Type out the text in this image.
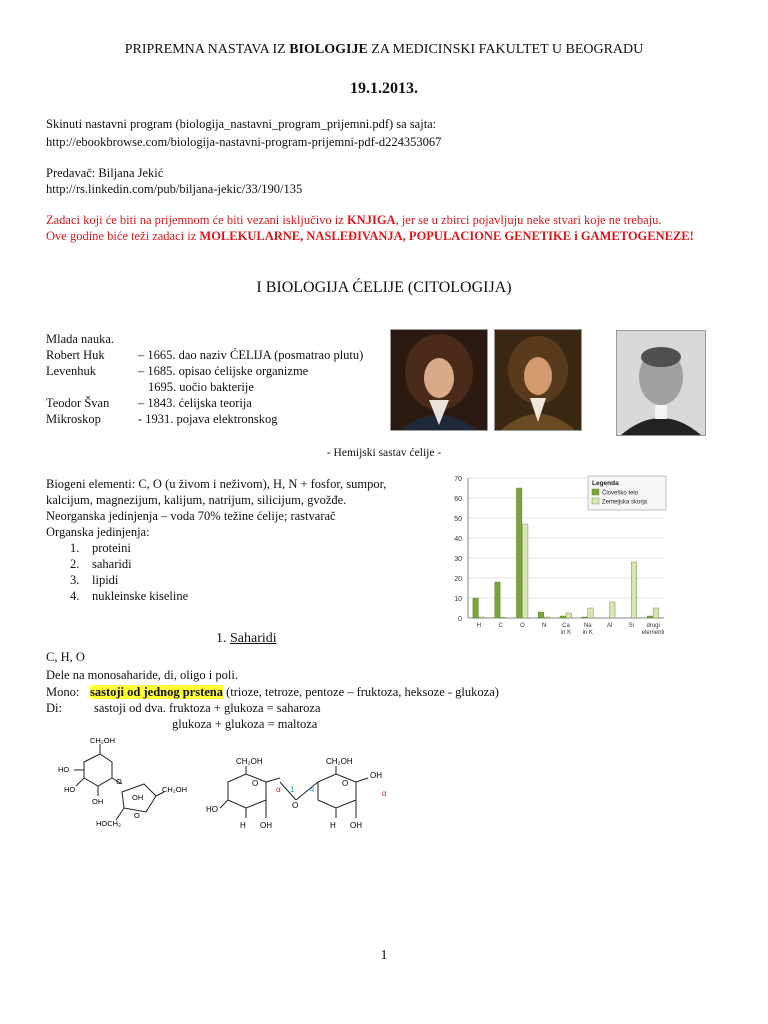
PRIPREMNA NASTAVA IZ BIOLOGIJE ZA MEDICINSKI FAKULTET U BEOGRADU
19.1.2013.
Skinuti nastavni program (biologija_nastavni_program_prijemni.pdf) sa sajta:
http://ebookbrowse.com/biologija-nastavni-program-prijemni-pdf-d224353067
Predavač: Biljana Jekić
http://rs.linkedin.com/pub/biljana-jekic/33/190/135
Zadaci koji će biti na prijemnom će biti vezani isključivo iz KNJIGA, jer se u zbirci pojavljuju neke stvari koje ne trebaju.
Ove godine biće teži zadaci iz MOLEKULARNE, NASLEĐIVANJA, POPULACIONE GENETIKE i GAMETOGENEZE!
I BIOLOGIJA ĆELIJE (CITOLOGIJA)
Mlada nauka.
Robert Huk	– 1665. dao naziv ĆELIJA (posmatrao plutu)
Levenhuk	– 1685. opisao ćelijske organizme
1695. uočio bakterije
Teodor Švan – 1843. ćelijska teorija
Mikroskop	- 1931. pojava elektronskog
- Hemijski sastav ćelije -
Biogeni elementi: C, O (u živom i neživom), H, N + fosfor, sumpor,
kalcijum, magnezijum, kalijum, natrijum, silicijum, gvožđe.
Neorganska jedinjenja – voda 70% težine ćelije; rastvarač
Organska jedinjenja:
1. proteini
2. saharidi
3. lipidi
4. nukleinske kiseline
0
10
20
30
40
50
60
70
H	C	O	N	Ca
in K
Na
in K
Al	Si drugi
elementi
Legenda
Človeško telo
Zemeljska skorja
1. Saharidi
C, H, O
Dele na monosaharide, di, oligo i poli.
Mono: sastoji od jednog prstena (trioze, tetroze, pentoze – fruktoza, heksoze - glukoza)
Di:	sastoji od dva. fruktoza + glukoza = saharoza
glukoza + glukoza = maltoza
CH₂OH
HO
HO
OH
O
OH
CH₂OH
HOCH₂
O
CH₂OH	CH₂OH
O	O
α 1 4
O
HO
H OH	H OH
OH
α
1
